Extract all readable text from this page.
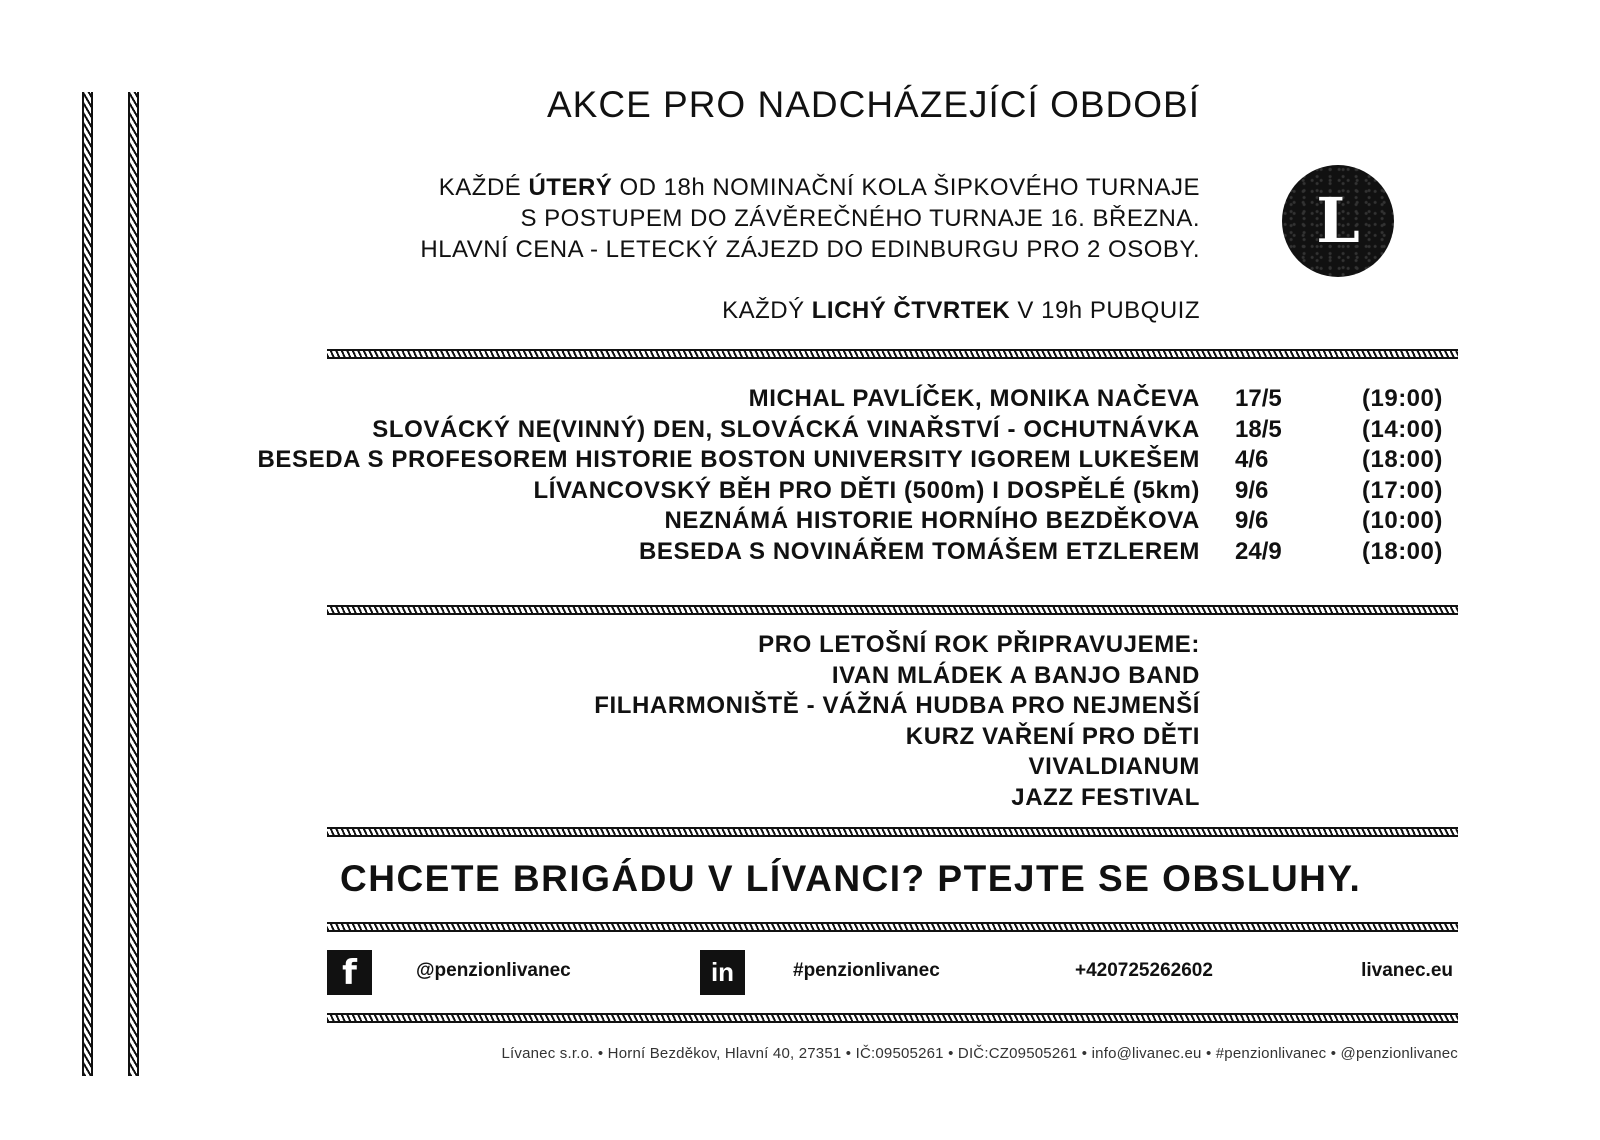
AKCE PRO NADCHÁZEJÍCÍ OBDOBÍ
KAŽDÉ ÚTERÝ OD 18h NOMINAČNÍ KOLA ŠIPKOVÉHO TURNAJE
S POSTUPEM DO ZÁVĚREČNÉHO TURNAJE 16. BŘEZNA.
HLAVNÍ CENA - LETECKÝ ZÁJEZD DO EDINBURGU PRO 2 OSOBY.
KAŽDÝ LICHÝ ČTVRTEK V 19h PUBQUIZ
L
MICHAL PAVLÍČEK, MONIKA NAČEVA 17/5	(19:00)
SLOVÁCKÝ NE(VINNÝ) DEN, SLOVÁCKÁ VINAŘSTVÍ - OCHUTNÁVKA 18/5	(14:00)
BESEDA S PROFESOREM HISTORIE BOSTON UNIVERSITY IGOREM LUKEŠEM 4/6	(18:00)
LÍVANCOVSKÝ BĚH PRO DĚTI (500m) I DOSPĚLÉ (5km) 9/6	(17:00)
NEZNÁMÁ HISTORIE HORNÍHO BEZDĚKOVA 9/6	(10:00)
BESEDA S NOVINÁŘEM TOMÁŠEM ETZLEREM 24/9	(18:00)
PRO LETOŠNÍ ROK PŘIPRAVUJEME:
IVAN MLÁDEK A BANJO BAND
FILHARMONIŠTĚ - VÁŽNÁ HUDBA PRO NEJMENŠÍ
KURZ VAŘENÍ PRO DĚTI
VIVALDIANUM
JAZZ FESTIVAL
CHCETE BRIGÁDU V LÍVANCI? PTEJTE SE OBSLUHY.
f	@penzionlivanec	in	#penzionlivanec	+420725262602	livanec.eu
Lívanec s.r.o. • Horní Bezděkov, Hlavní 40, 27351 • IČ:09505261 • DIČ:CZ09505261 • info@livanec.eu • #penzionlivanec • @penzionlivanec
